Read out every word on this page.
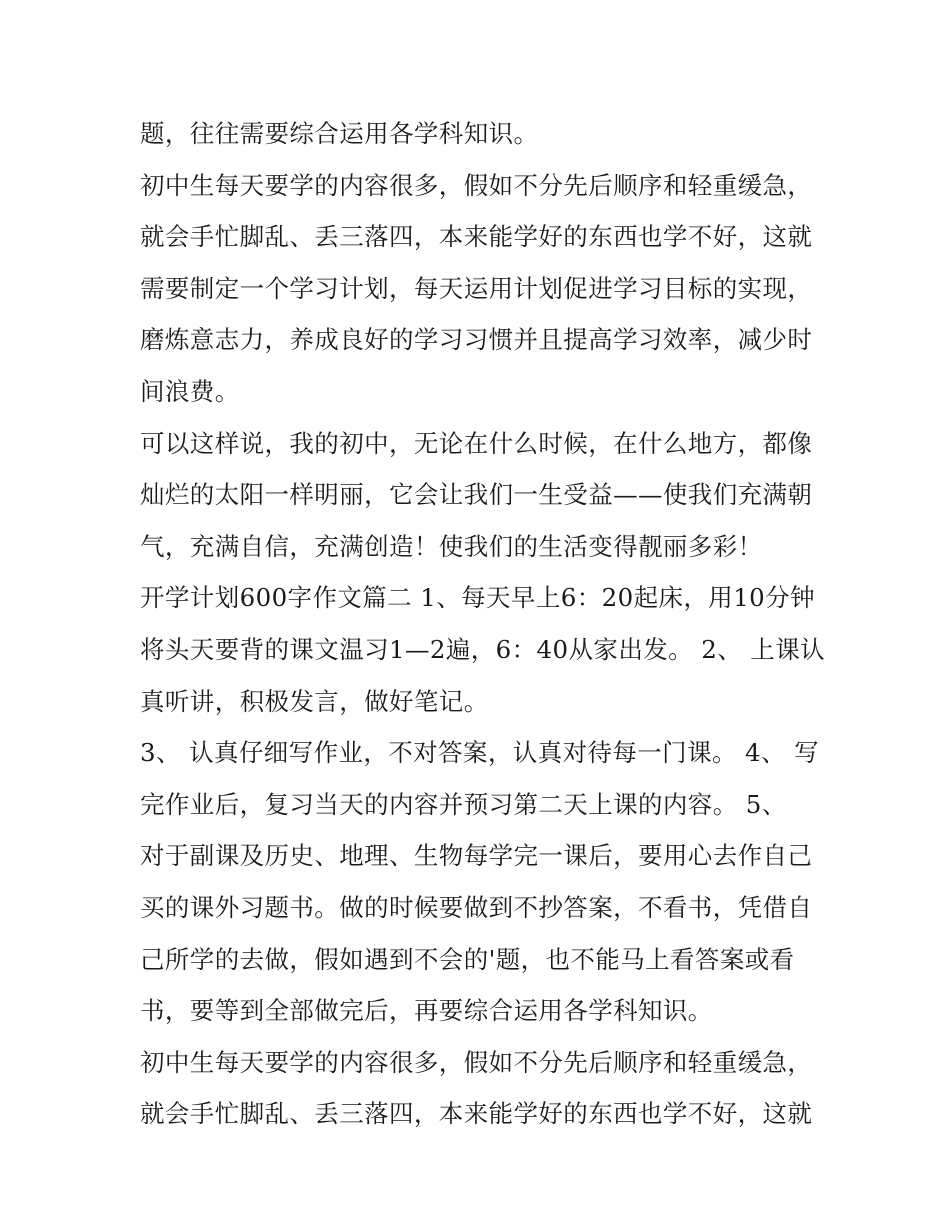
题，往往需要综合运用各学科知识。
初中生每天要学的内容很多，假如不分先后顺序和轻重缓急，
就会手忙脚乱、丢三落四，本来能学好的东西也学不好，这就
需要制定一个学习计划，每天运用计划促进学习目标的实现，
磨炼意志力，养成良好的学习习惯并且提高学习效率，减少时
间浪费。
可以这样说，我的初中，无论在什么时候，在什么地方，都像
灿烂的太阳一样明丽，它会让我们一生受益——使我们充满朝
气，充满自信，充满创造！使我们的生活变得靓丽多彩！
开学计划600字作文篇二 1、每天早上6：20起床，用10分钟
将头天要背的课文温习1—2遍，6：40从家出发。 2、 上课认
真听讲，积极发言，做好笔记。
3、 认真仔细写作业，不对答案，认真对待每一门课。 4、 写
完作业后，复习当天的内容并预习第二天上课的内容。 5、
对于副课及历史、地理、生物每学完一课后，要用心去作自己
买的课外习题书。做的时候要做到不抄答案，不看书，凭借自
己所学的去做，假如遇到不会的'题，也不能马上看答案或看
书，要等到全部做完后，再要综合运用各学科知识。
初中生每天要学的内容很多，假如不分先后顺序和轻重缓急，
就会手忙脚乱、丢三落四，本来能学好的东西也学不好，这就
